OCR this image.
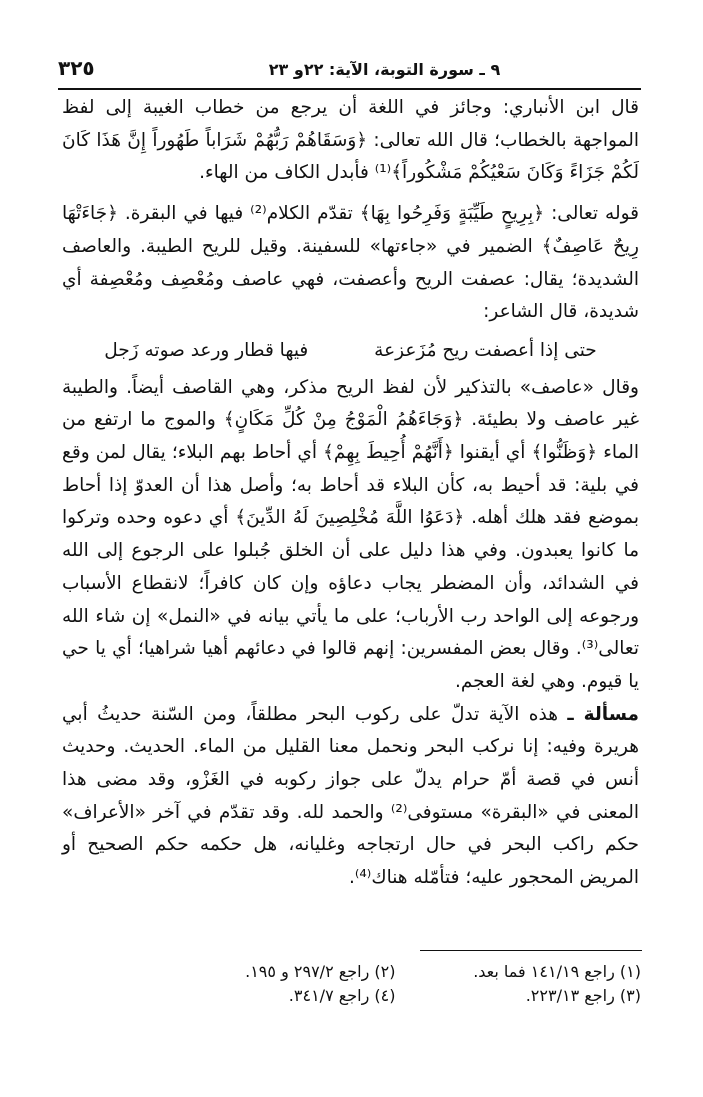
٩ ـ سورة التوبة، الآية: ٢٢و ٢٣
٣٢٥

قال ابن الأنباري: وجائز في اللغة أن يرجع من خطاب الغيبة إلى لفظ المواجهة بالخطاب؛ قال الله تعالى: ﴿وَسَقَاهُمْ رَبُّهُمْ شَرَاباً طَهُوراً إِنَّ هَذَا كَانَ لَكُمْ جَزَاءً وَكَانَ سَعْيُكُمْ مَشْكُوراً﴾⁽¹⁾ فأبدل الكاف من الهاء.

قوله تعالى: ﴿بِرِيحٍ طَيِّبَةٍ وَفَرِحُوا بِهَا﴾ تقدّم الكلام⁽²⁾ فيها في البقرة. ﴿جَاءَتْهَا رِيحٌ عَاصِفٌ﴾ الضمير في «جاءتها» للسفينة. وقيل للريح الطيبة. والعاصف الشديدة؛ يقال: عصفت الريح وأعصفت، فهي عاصف ومُعْصِف ومُعْصِفة أي شديدة، قال الشاعر:

حتى إذا أعصفت ريح مُزَعزعة فيها قطار ورعد صوته زَجل

وقال «عاصف» بالتذكير لأن لفظ الريح مذكر، وهي القاصف أيضاً. والطيبة غير عاصف ولا بطيئة. ﴿وَجَاءَهُمُ الْمَوْجُ مِنْ كُلِّ مَكَانٍ﴾ والموج ما ارتفع من الماء ﴿وَظَنُّوا﴾ أي أيقنوا ﴿أَنَّهُمْ أُحِيطَ بِهِمْ﴾ أي أحاط بهم البلاء؛ يقال لمن وقع في بلية: قد أحيط به، كأن البلاء قد أحاط به؛ وأصل هذا أن العدوّ إذا أحاط بموضع فقد هلك أهله. ﴿دَعَوُا اللَّهَ مُخْلِصِينَ لَهُ الدِّينَ﴾ أي دعوه وحده وتركوا ما كانوا يعبدون. وفي هذا دليل على أن الخلق جُبلوا على الرجوع إلى الله في الشدائد، وأن المضطر يجاب دعاؤه وإن كان كافراً؛ لانقطاع الأسباب ورجوعه إلى الواحد رب الأرباب؛ على ما يأتي بيانه في «النمل» إن شاء الله تعالى⁽³⁾. وقال بعض المفسرين: إنهم قالوا في دعائهم أهيا شراهيا؛ أي يا حي يا قيوم. وهي لغة العجم.

مسألة ـ هذه الآية تدلّ على ركوب البحر مطلقاً، ومن السّنة حديثُ أبي هريرة وفيه: إنا نركب البحر ونحمل معنا القليل من الماء. الحديث. وحديث أنس في قصة أمّ حرام يدلّ على جواز ركوبه في الغَزْو، وقد مضى هذا المعنى في «البقرة» مستوفى⁽²⁾ والحمد لله. وقد تقدّم في آخر «الأعراف» حكم راكب البحر في حال ارتجاجه وغليانه، هل حكمه حكم الصحيح أو المريض المحجور عليه؛ فتأمّله هناك⁽⁴⁾.

(١) راجع ١٤١/١٩ فما بعد.
(٢) راجع ٢٩٧/٢ و ١٩٥.
(٣) راجع ٢٢٣/١٣.
(٤) راجع ٣٤١/٧.
